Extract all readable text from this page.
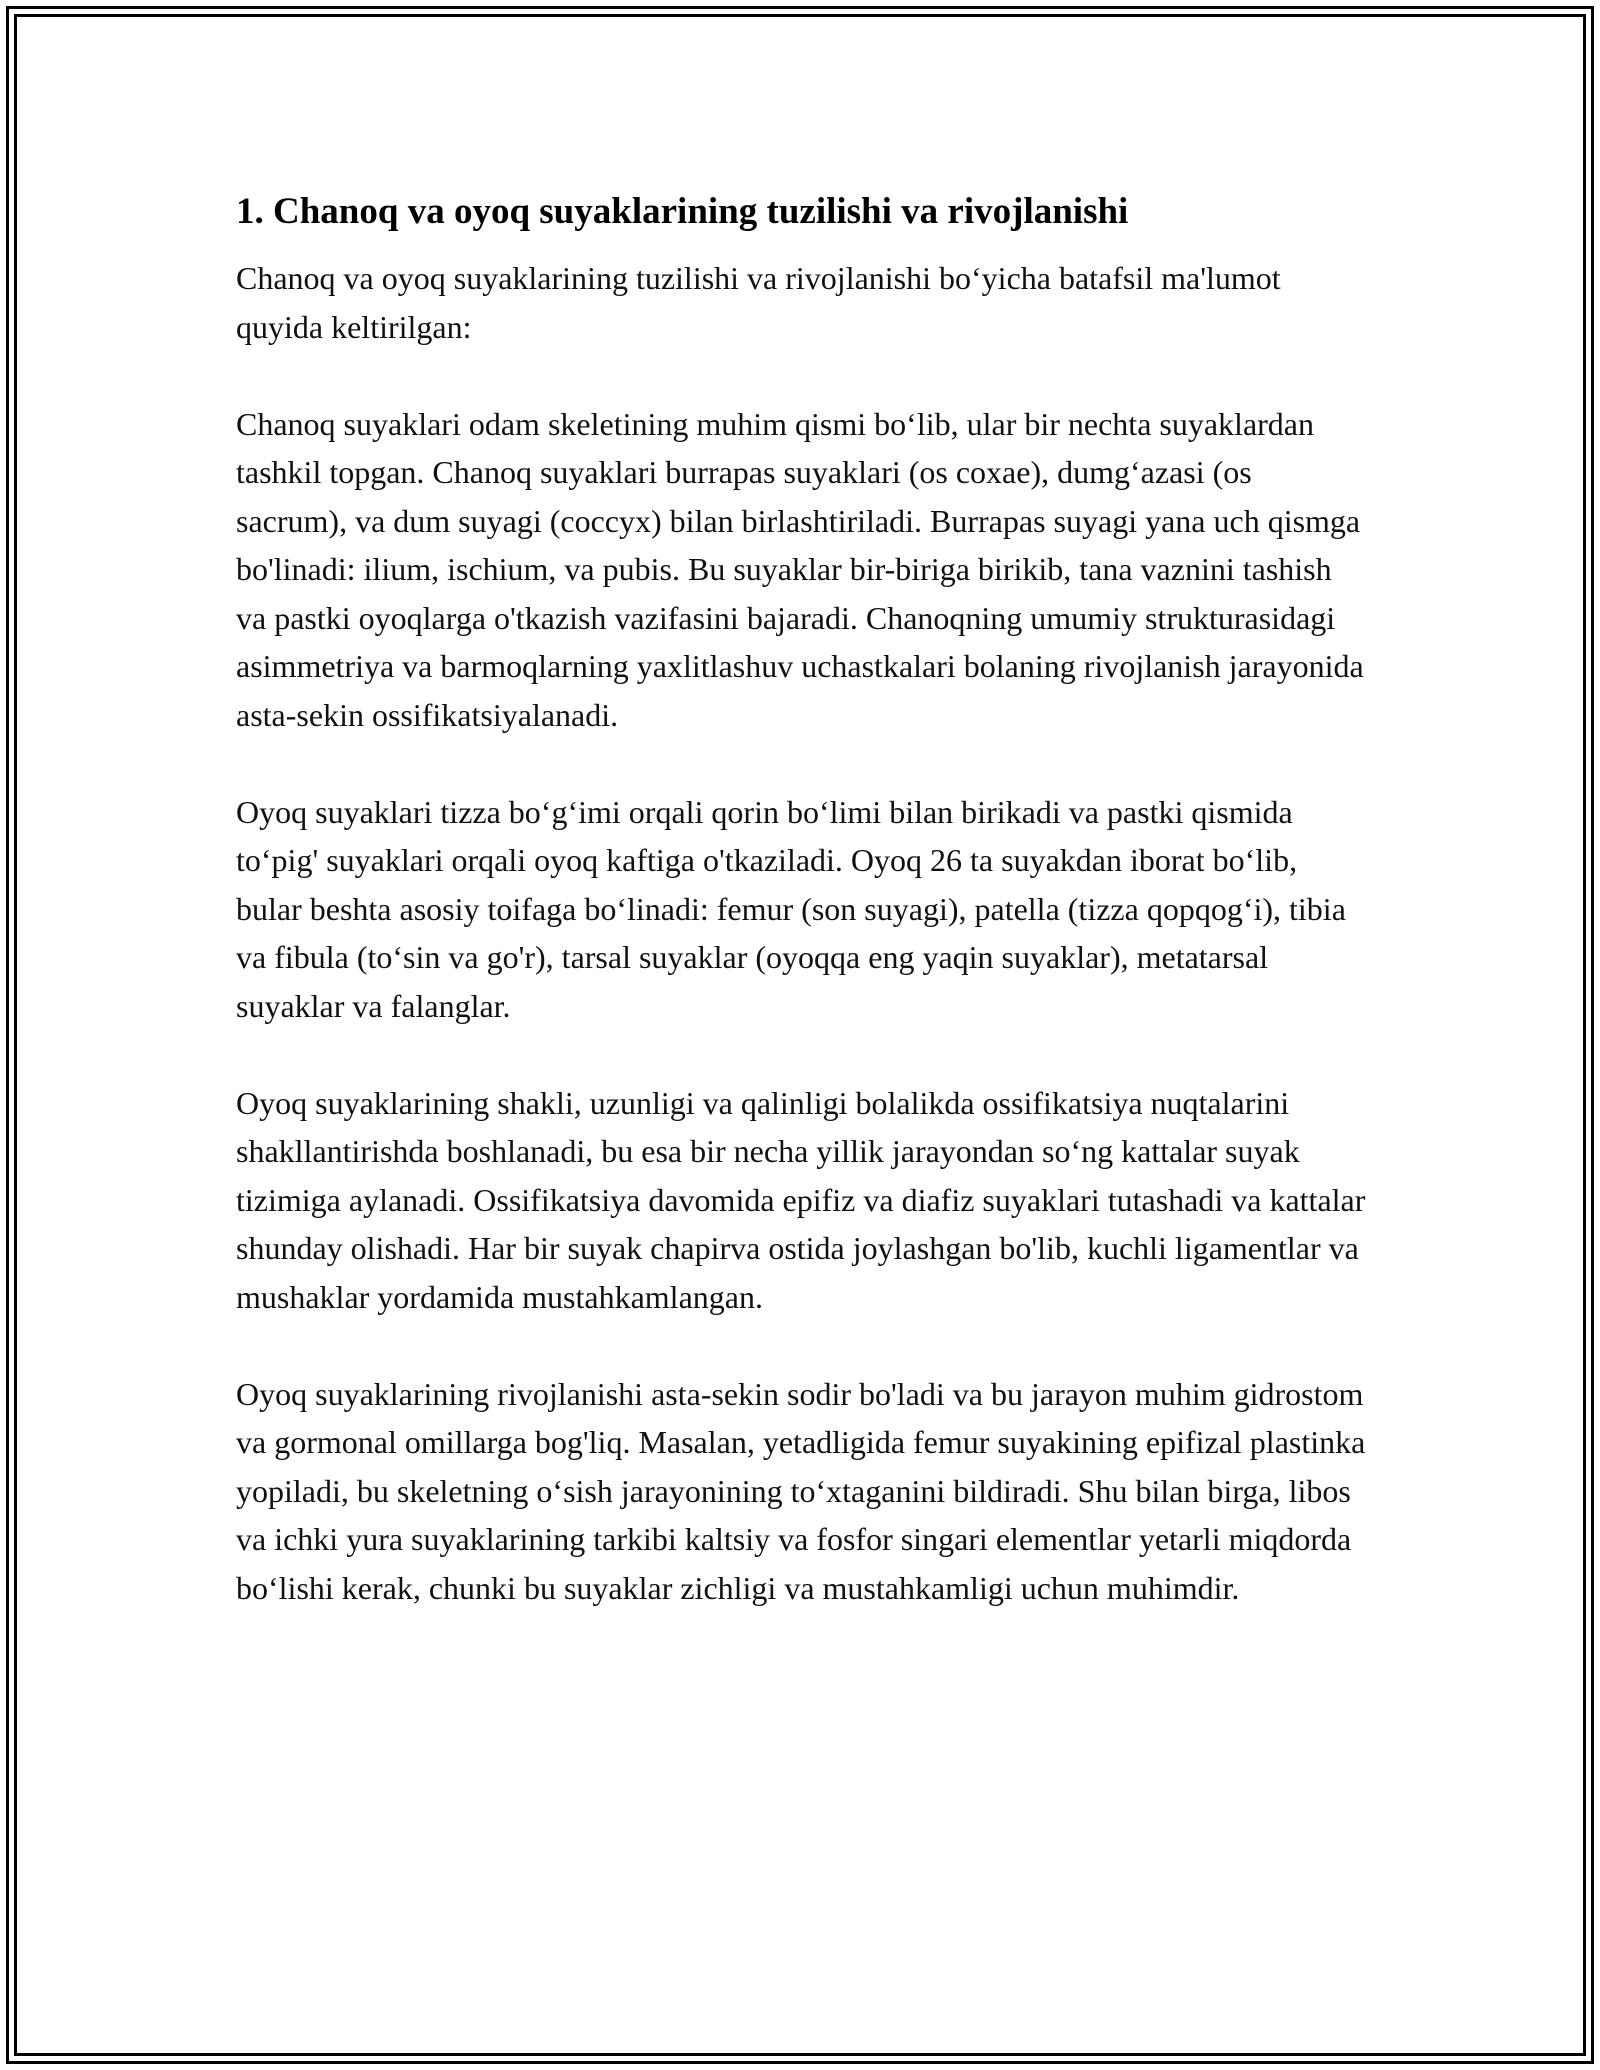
1. Chanoq va oyoq suyaklarining tuzilishi va rivojlanishi

Chanoq va oyoq suyaklarining tuzilishi va rivojlanishi bo‘yicha batafsil ma'lumot quyida keltirilgan:

Chanoq suyaklari odam skeletining muhim qismi bo‘lib, ular bir nechta suyaklardan tashkil topgan. Chanoq suyaklari burrapas suyaklari (os coxae), dumg‘azasi (os sacrum), va dum suyagi (coccyx) bilan birlashtiriladi. Burrapas suyagi yana uch qismga bo'linadi: ilium, ischium, va pubis. Bu suyaklar bir-biriga birikib, tana vaznini tashish va pastki oyoqlarga o'tkazish vazifasini bajaradi. Chanoqning umumiy strukturasidagi asimmetriya va barmoqlarning yaxlitlashuv uchastkalari bolaning rivojlanish jarayonida asta-sekin ossifikatsiyalanadi.

Oyoq suyaklari tizza bo‘g‘imi orqali qorin bo‘limi bilan birikadi va pastki qismida to‘pig' suyaklari orqali oyoq kaftiga o'tkaziladi. Oyoq 26 ta suyakdan iborat bo‘lib, bular beshta asosiy toifaga bo‘linadi: femur (son suyagi), patella (tizza qopqog‘i), tibia va fibula (to‘sin va go'r), tarsal suyaklar (oyoqqa eng yaqin suyaklar), metatarsal suyaklar va falanglar.

Oyoq suyaklarining shakli, uzunligi va qalinligi bolalikda ossifikatsiya nuqtalarini shakllantirishda boshlanadi, bu esa bir necha yillik jarayondan so‘ng kattalar suyak tizimiga aylanadi. Ossifikatsiya davomida epifiz va diafiz suyaklari tutashadi va kattalar shunday olishadi. Har bir suyak chapirva ostida joylashgan bo'lib, kuchli ligamentlar va mushaklar yordamida mustahkamlangan.

Oyoq suyaklarining rivojlanishi asta-sekin sodir bo'ladi va bu jarayon muhim gidrostom va gormonal omillarga bog'liq. Masalan, yetadligida femur suyakining epifizal plastinka yopiladi, bu skeletning o‘sish jarayonining to‘xtaganini bildiradi. Shu bilan birga, libos va ichki yura suyaklarining tarkibi kaltsiy va fosfor singari elementlar yetarli miqdorda bo‘lishi kerak, chunki bu suyaklar zichligi va mustahkamligi uchun muhimdir.
